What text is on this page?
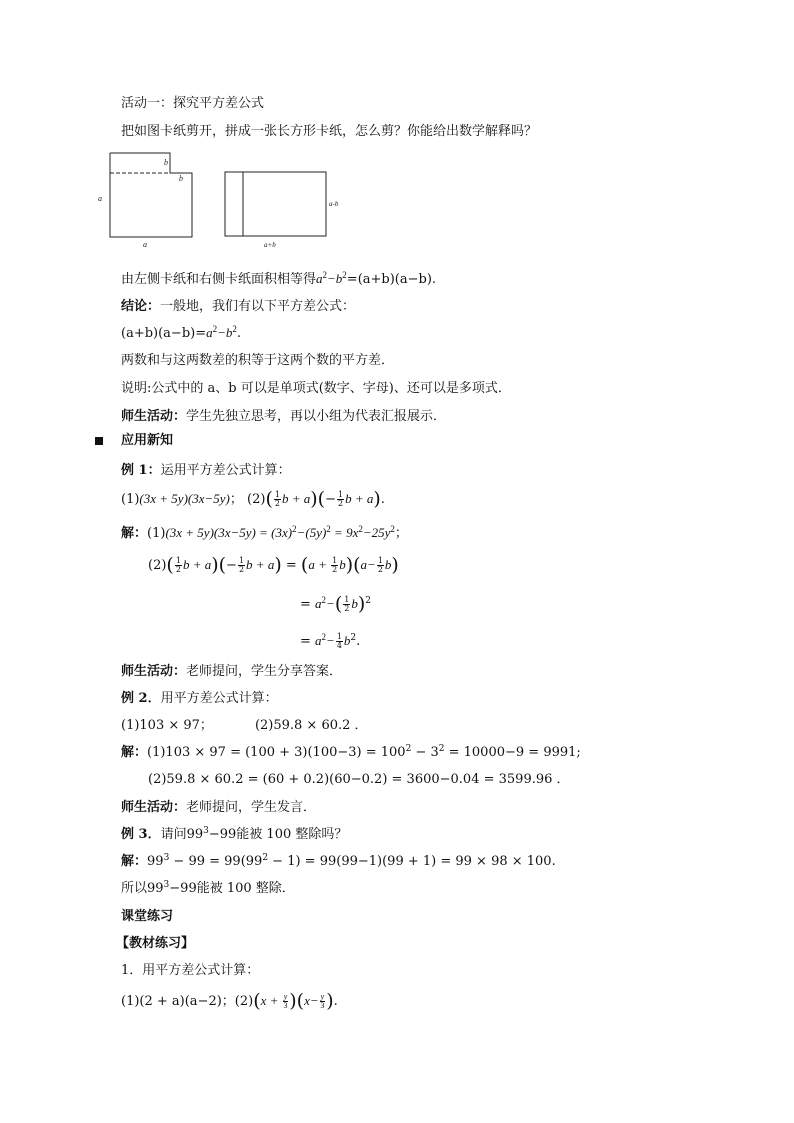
活动一：探究平方差公式
把如图卡纸剪开，拼成一张长方形卡纸，怎么剪？你能给出数学解释吗？
a
a
b
b
a-b
a+b
由左侧卡纸和右侧卡纸面积相等得$a^2-b^2=(a+b)(a-b)$.
结论：一般地，我们有以下平方差公式：
$(a+b)(a-b)=a^2-b^2$.
两数和与这两数差的积等于这两个数的平方差．
说明:公式中的 a、b 可以是单项式(数字、字母)、还可以是多项式．
师生活动：学生先独立思考，再以小组为代表汇报展示．
应用新知
例 1：运用平方差公式计算：
(1)(3x + 5y)(3x−5y)； $(2)( \frac{1}{2}$ $b + a)(- \frac{1}{2}$ b + a).
解：$(1)(3x + 5y)(3x-5y) = (3x)^2-(5y)^2 = 9x^2-25y^2$；
$(2)( \frac{1}{2}$ $b + a)(- \frac{1}{2}$ $b + a) = (a + \frac{1}{2} b)(a- \frac{1}{2} b)$
= $a^2-( \frac{1}{2} b)^2$
= $a^2- \frac{1}{4} b^2$.
师生活动：老师提问，学生分享答案．
例 2．用平方差公式计算：
(1)103 × 97；	(2)59.8 × 60.2 ．
解：$(1)103 \times 97 = (100 + 3)(100-3) = 100^2 - 3^2 = 10000-9 = 9991$;
(2)59.8 × 60.2 = (60 + 0.2)(60−0.2) = 3600−0.04 = 3599.96 ．
师生活动：老师提问，学生发言．
例 3．请问$99^3-99$能被 100 整除吗？
解：$99^3 - 99 = 99(99^2 - 1) = 99(99-1)(99 + 1) = 99 \times 98 \times 100$.
所以$99^3-99$能被 100 整除．
课堂练习
【教材练习】
1．用平方差公式计算：
(1)(2 + a)(a−2)；$(2)(x + \frac{y}{3} )(x- \frac{y}{3}$ ).
